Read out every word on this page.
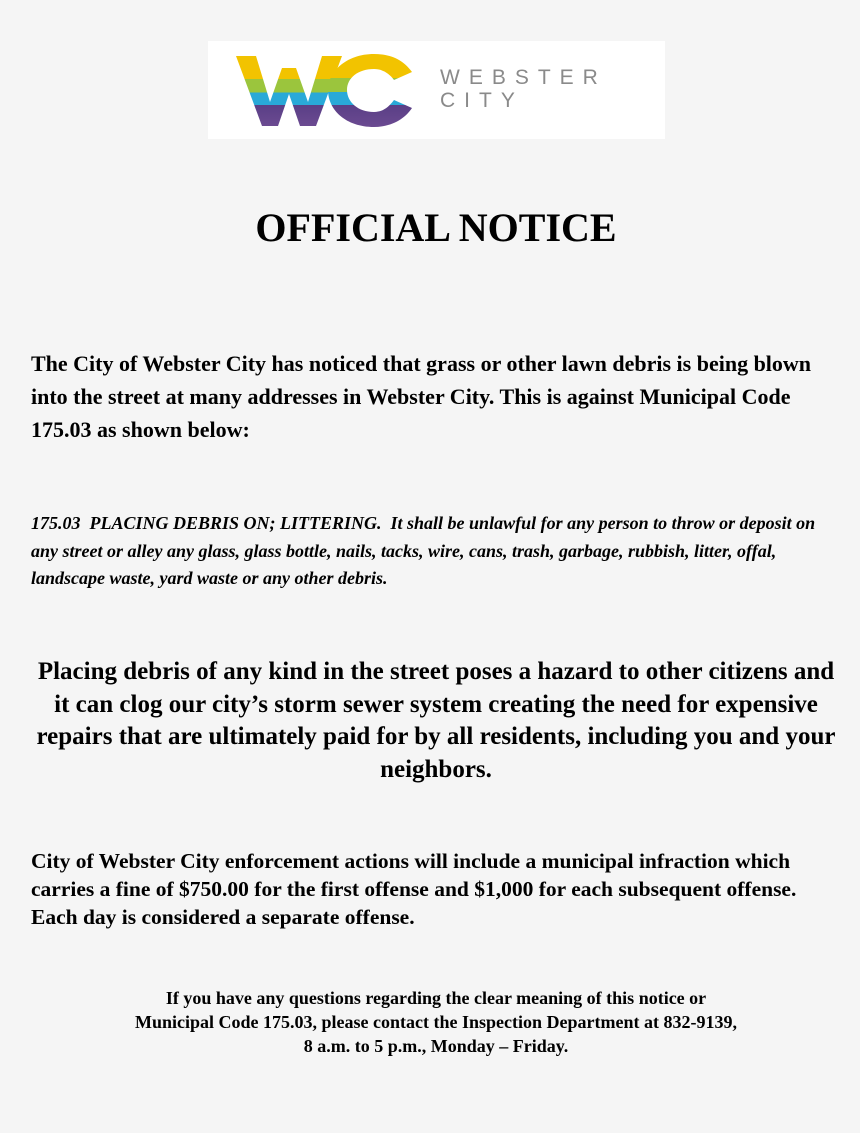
WEBSTER
CITY
OFFICIAL NOTICE

The City of Webster City has noticed that grass or other lawn debris is being blown into the street at many addresses in Webster City. This is against Municipal Code 175.03 as shown below:

175.03  PLACING DEBRIS ON; LITTERING.  It shall be unlawful for any person to throw or deposit on any street or alley any glass, glass bottle, nails, tacks, wire, cans, trash, garbage, rubbish, litter, offal, landscape waste, yard waste or any other debris.

Placing debris of any kind in the street poses a hazard to other citizens and it can clog our city’s storm sewer system creating the need for expensive repairs that are ultimately paid for by all residents, including you and your neighbors.

City of Webster City enforcement actions will include a municipal infraction which carries a fine of $750.00 for the first offense and $1,000 for each subsequent offense.  Each day is considered a separate offense.

If you have any questions regarding the clear meaning of this notice or Municipal Code 175.03, please contact the Inspection Department at 832-9139, 8 a.m. to 5 p.m., Monday – Friday.
